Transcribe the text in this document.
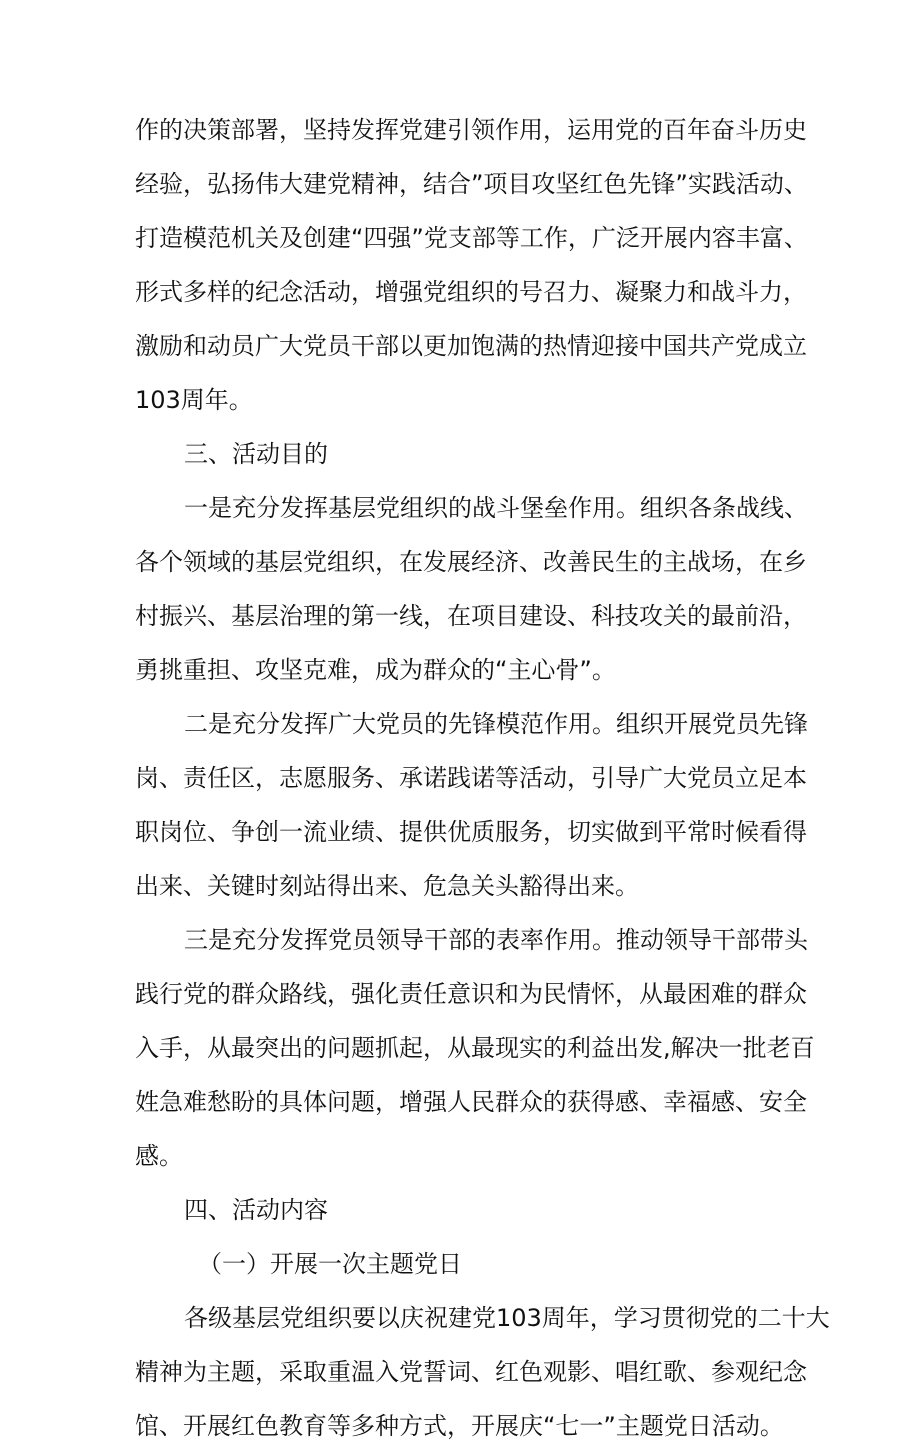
作的决策部署，坚持发挥党建引领作用，运用党的百年奋斗历史
经验，弘扬伟大建党精神，结合”项目攻坚红色先锋”实践活动、
打造模范机关及创建“四强”党支部等工作，广泛开展内容丰富、
形式多样的纪念活动，增强党组织的号召力、凝聚力和战斗力，
激励和动员广大党员干部以更加饱满的热情迎接中国共产党成立
103周年。
三、活动目的
一是充分发挥基层党组织的战斗堡垒作用。组织各条战线、
各个领域的基层党组织，在发展经济、改善民生的主战场，在乡
村振兴、基层治理的第一线，在项目建设、科技攻关的最前沿，
勇挑重担、攻坚克难，成为群众的“主心骨”。
二是充分发挥广大党员的先锋模范作用。组织开展党员先锋
岗、责任区，志愿服务、承诺践诺等活动，引导广大党员立足本
职岗位、争创一流业绩、提供优质服务，切实做到平常时候看得
出来、关键时刻站得出来、危急关头豁得出来。
三是充分发挥党员领导干部的表率作用。推动领导干部带头
践行党的群众路线，强化责任意识和为民情怀，从最困难的群众
入手，从最突出的问题抓起，从最现实的利益出发,解决一批老百
姓急难愁盼的具体问题，增强人民群众的获得感、幸福感、安全
感。
四、活动内容
（一）开展一次主题党日
各级基层党组织要以庆祝建党103周年，学习贯彻党的二十大
精神为主题，采取重温入党誓词、红色观影、唱红歌、参观纪念
馆、开展红色教育等多种方式，开展庆“七一”主题党日活动。
